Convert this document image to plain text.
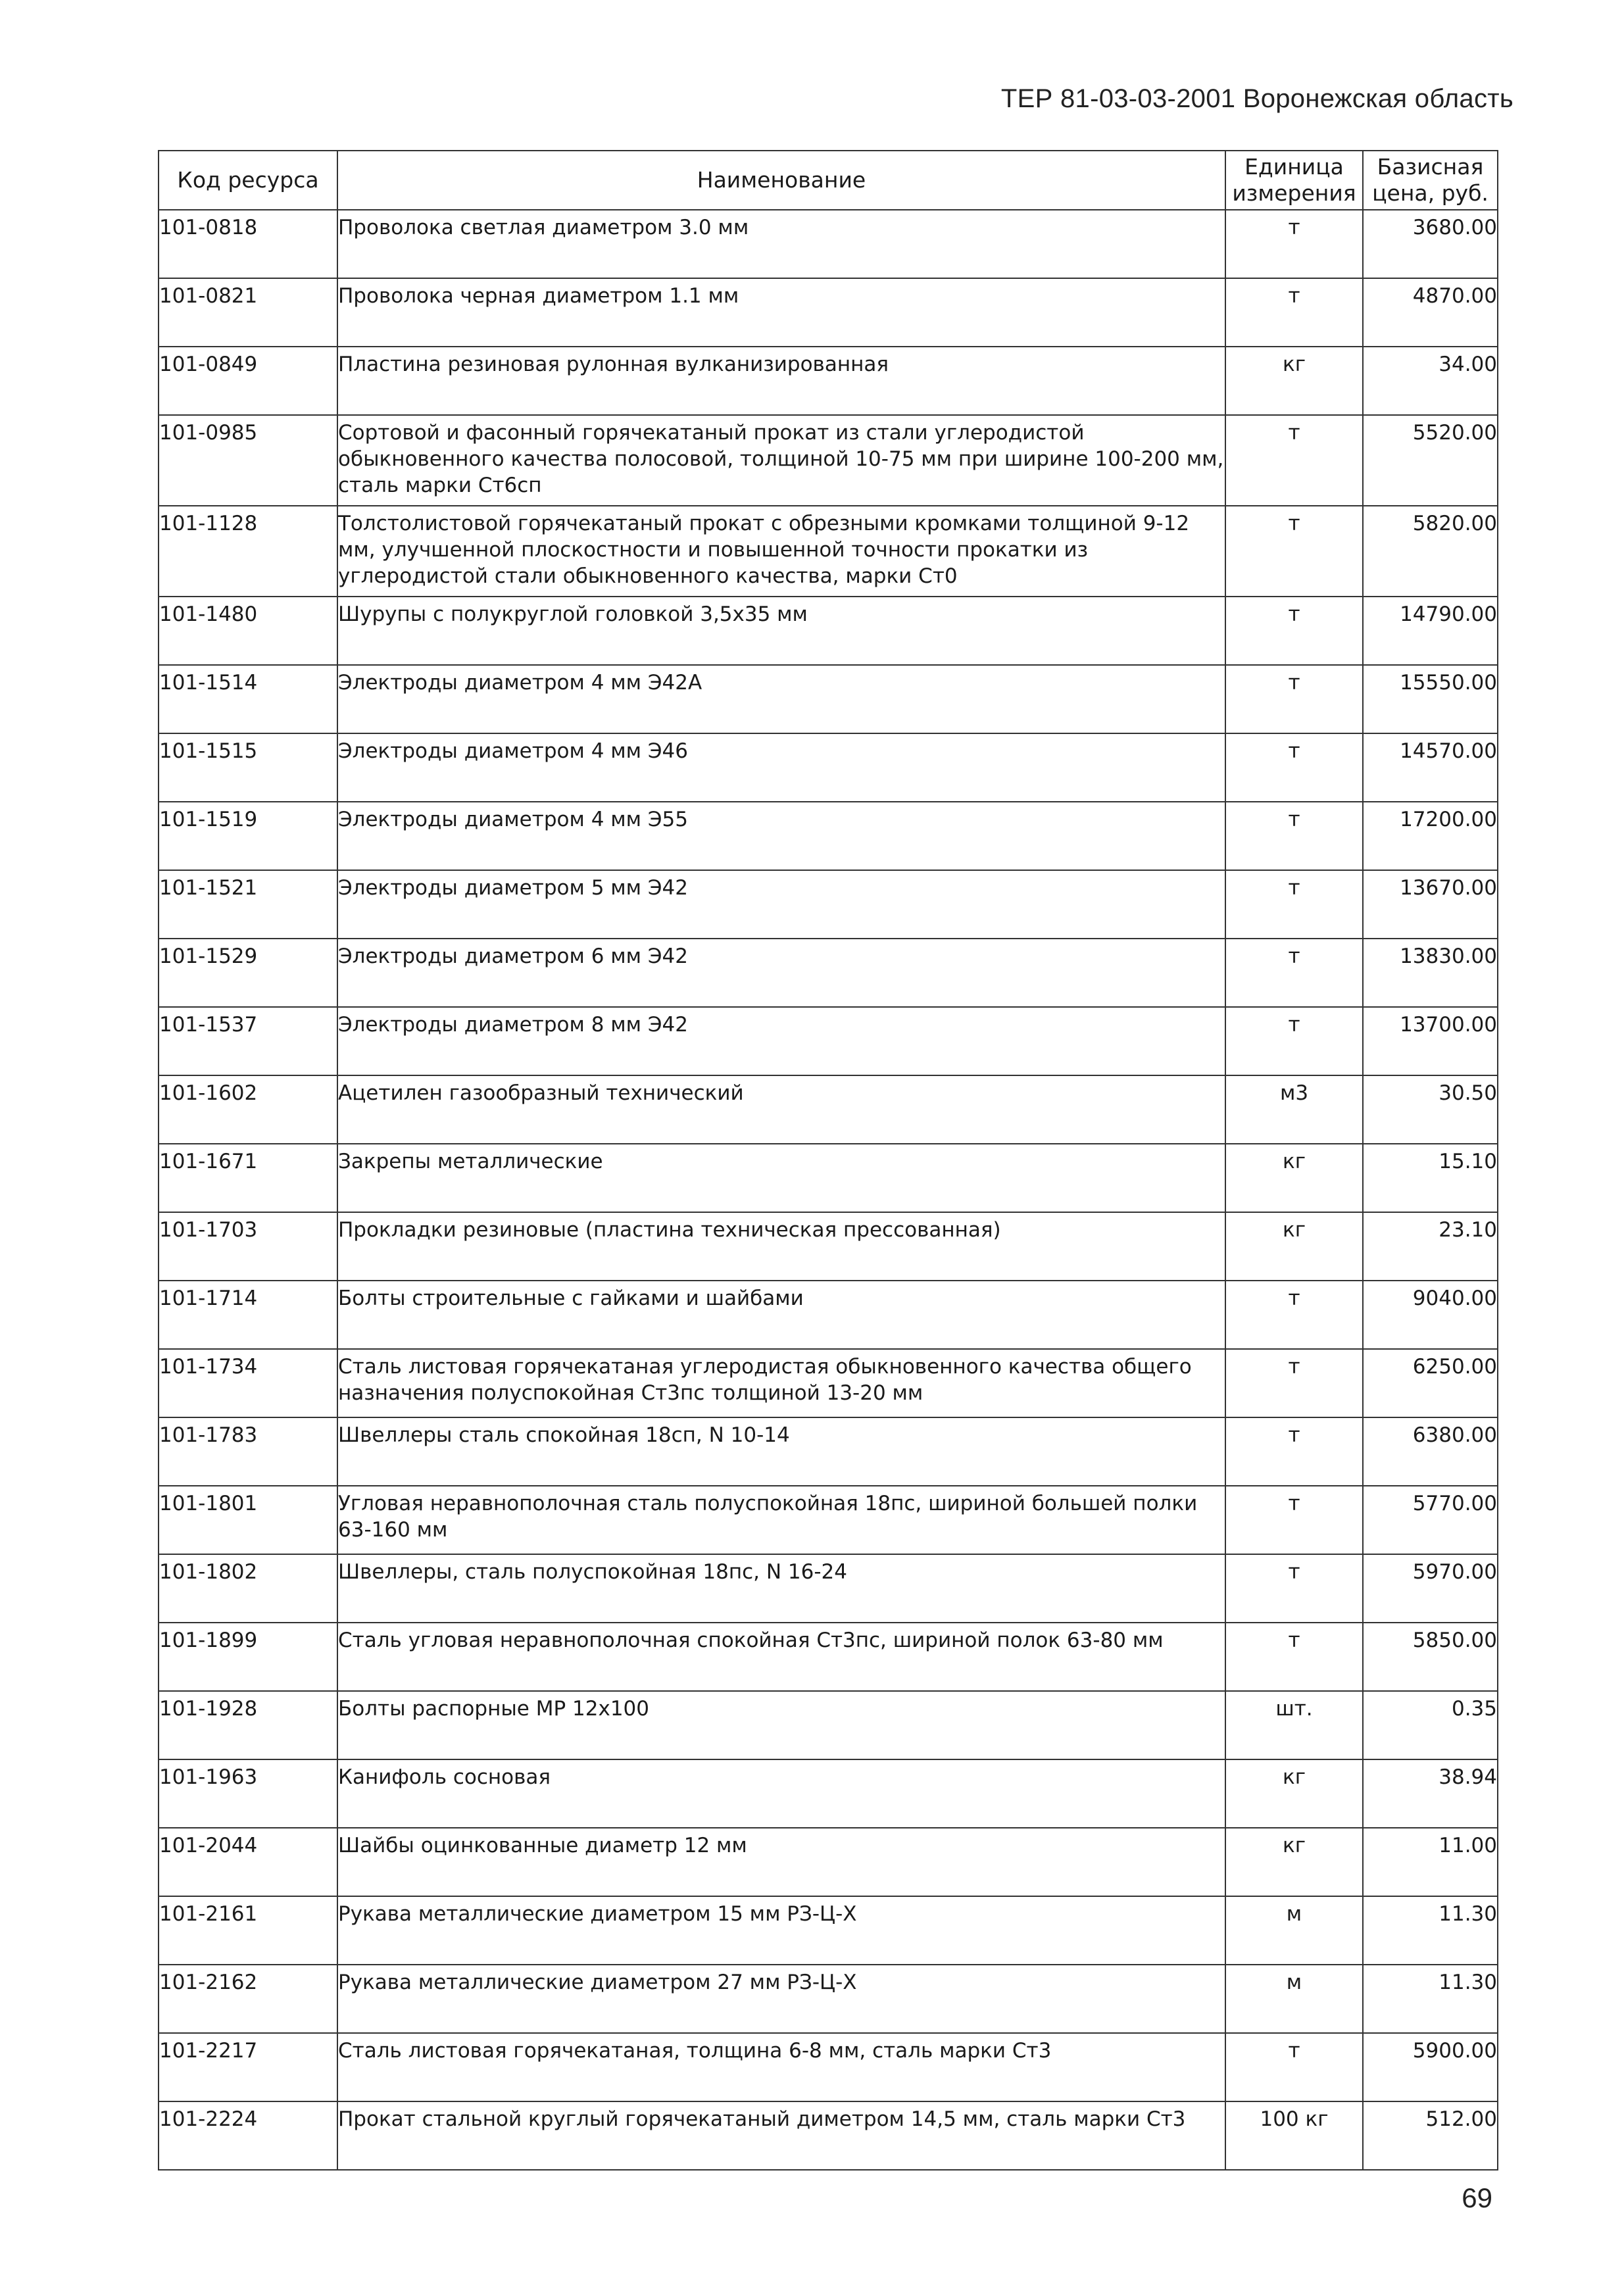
ТЕР 81-03-03-2001 Воронежская область
Код ресурса	Наименование	Единица измерения	Базисная цена, руб.
101-0818	Проволока светлая диаметром 3.0 мм	т	3680.00
101-0821	Проволока черная диаметром 1.1 мм	т	4870.00
101-0849	Пластина резиновая рулонная вулканизированная	кг	34.00
101-0985	Сортовой и фасонный горячекатаный прокат из стали углеродистой обыкновенного качества полосовой, толщиной 10-75 мм при ширине 100-200 мм, сталь марки Ст6сп	т	5520.00
101-1128	Толстолистовой горячекатаный прокат с обрезными кромками толщиной 9-12 мм, улучшенной плоскостности и повышенной точности прокатки из углеродистой стали обыкновенного качества, марки Ст0	т	5820.00
101-1480	Шурупы с полукруглой головкой 3,5х35 мм	т	14790.00
101-1514	Электроды диаметром 4 мм Э42А	т	15550.00
101-1515	Электроды диаметром 4 мм Э46	т	14570.00
101-1519	Электроды диаметром 4 мм Э55	т	17200.00
101-1521	Электроды диаметром 5 мм Э42	т	13670.00
101-1529	Электроды диаметром 6 мм Э42	т	13830.00
101-1537	Электроды диаметром 8 мм Э42	т	13700.00
101-1602	Ацетилен газообразный технический	м3	30.50
101-1671	Закрепы металлические	кг	15.10
101-1703	Прокладки резиновые (пластина техническая прессованная)	кг	23.10
101-1714	Болты строительные с гайками и шайбами	т	9040.00
101-1734	Сталь листовая горячекатаная углеродистая обыкновенного качества общего назначения полуспокойная Ст3пс толщиной 13-20 мм	т	6250.00
101-1783	Швеллеры сталь спокойная 18сп, N 10-14	т	6380.00
101-1801	Угловая неравнополочная сталь полуспокойная 18пс, шириной большей полки 63-160 мм	т	5770.00
101-1802	Швеллеры, сталь полуспокойная 18пс, N 16-24	т	5970.00
101-1899	Сталь угловая неравнополочная спокойная Ст3пс, шириной полок 63-80 мм	т	5850.00
101-1928	Болты распорные МР 12х100	шт.	0.35
101-1963	Канифоль сосновая	кг	38.94
101-2044	Шайбы оцинкованные диаметр 12 мм	кг	11.00
101-2161	Рукава металлические диаметром 15 мм РЗ-Ц-Х	м	11.30
101-2162	Рукава металлические диаметром 27 мм РЗ-Ц-Х	м	11.30
101-2217	Сталь листовая горячекатаная, толщина 6-8 мм, сталь марки Ст3	т	5900.00
101-2224	Прокат стальной круглый горячекатаный диметром 14,5 мм, сталь марки Ст3	100 кг	512.00
69
